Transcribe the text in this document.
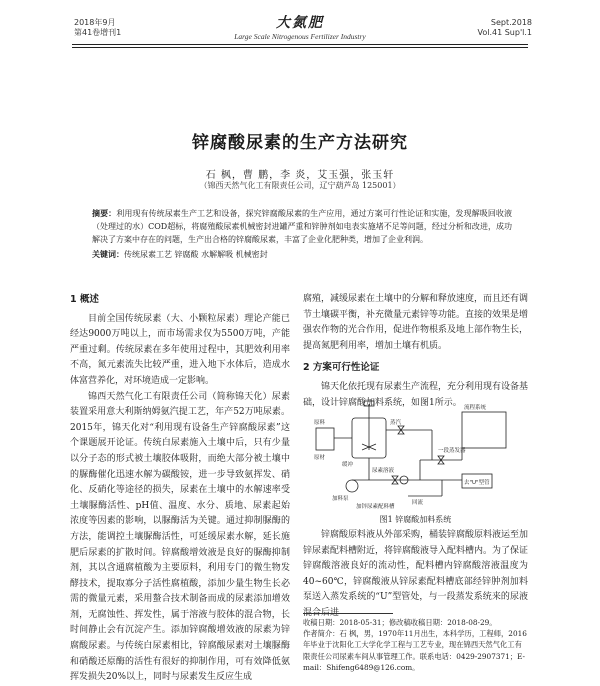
2018年9月
第41卷增刊1
大氮肥
Large Scale Nitrogenous Fertilizer Industry
Sept.2018
Vol.41 Sup'l.1
锌腐酸尿素的生产方法研究
石 枫，曹 鹏，李 炎，艾玉强，张玉轩
（锦西天然气化工有限责任公司，辽宁葫芦岛 125001）
摘要：利用现有传统尿素生产工艺和设备，探究锌腐酸尿素的生产应用，通过方案可行性论证和实施，发现解吸回收液（处理过的水）COD超标，将腐殖酸尿素机械密封进罐严重和锌肿剂如电表实施堵不足等问题，经过分析和改进，成功解决了方案中存在的问题，生产出合格的锌腐酸尿素，丰富了企业化肥种类，增加了企业利润。
关键词：传统尿素工艺 锌腐酸 水解解吸 机械密封
1 概述

目前全国传统尿素（大、小颗粒尿素）理论产能已经达9000万吨以上，而市场需求仅为5500万吨，产能严重过剩。传统尿素在多年使用过程中，其肥效利用率不高，氮元素流失比较严重，进入地下水体后，造成水体富营养化，对环境造成一定影响。

锦西天然气化工有限责任公司（简称锦天化）尿素装置采用意大利斯纳姆氨汽提工艺，年产52万吨尿素。2015年，锦天化对“利用现有设备生产锌腐酸尿素”这个课题展开论证。传统白尿素施入土壤中后，只有少量以分子态的形式被土壤胶体吸附，而绝大部分被土壤中的脲酶催化迅速水解为碳酸铵，进一步导致氨挥发、硝化、反硝化等途径的损失，尿素在土壤中的水解速率受土壤脲酶活性、pH值、温度、水分、质地、尿素起始浓度等因素的影响，以脲酶活为关键。通过抑制脲酶的方法，能调控土壤脲酶活性，可延缓尿素水解，延长施肥后尿素的扩散时间。锌腐酸增效液是良好的脲酶抑制剂，其以含通腐植酸为主要原料，利用专门的微生物发酵技术，提取寡分子活性腐植酸，添加少量生物生长必需的微量元素，采用螯合技术制备而成的尿素添加增效剂，无腐蚀性、挥发性，属于溶液与胶体的混合物，长时间静止会有沉淀产生。添加锌腐酸增效液的尿素为锌腐酸尿素。与传统白尿素相比，锌腐酸尿素对土壤脲酶和硝酸还原酶的活性有很好的抑制作用，可有效降低氨挥发损失20%以上，同时与尿素发生反应生成

腐殖，减缓尿素在土壤中的分解和释放速度，而且还有调节土壤碳平衡，补充微量元素锌等功能。直接的效果是增强农作物的光合作用，促进作物根系及地上部作物生长，提高氮肥利用率，增加土壤有机质。

2 方案可行性论证

锦天化依托现有尿素生产流程，充分利用现有设备基础，设计锌腐酸加料系统，如图1所示。

原料
原材
蒸汽
流程系统
一段蒸发器
去"U"型管
加料泵
加锌尿素配料槽
尿素溶液
回流
缓冲
图1 锌腐酸加料系统

锌腐酸原料液从外部采购，桶装锌腐酸原料液运至加锌尿素配料槽附近，将锌腐酸液导入配料槽内。为了保证锌腐酸溶液良好的流动性，配料槽内锌腐酸溶液温度为40~60℃，锌腐酸液从锌尿素配料槽底部经锌肿剂加料泵送入蒸发系统的“U”型管处，与一段蒸发系统来的尿液混合后进

收稿日期：2018-05-31；修改稿收稿日期：2018-08-29。

作者简介：石 枫，男，1970年11月出生，本科学历，工程师，2016年毕业于沈阳化工大学化学工程与工艺专业，现在锦西天然气化工有限责任公司尿素车间从事管理工作。联系电话：0429-2907371；E-mail：Shifeng6489@126.com。
